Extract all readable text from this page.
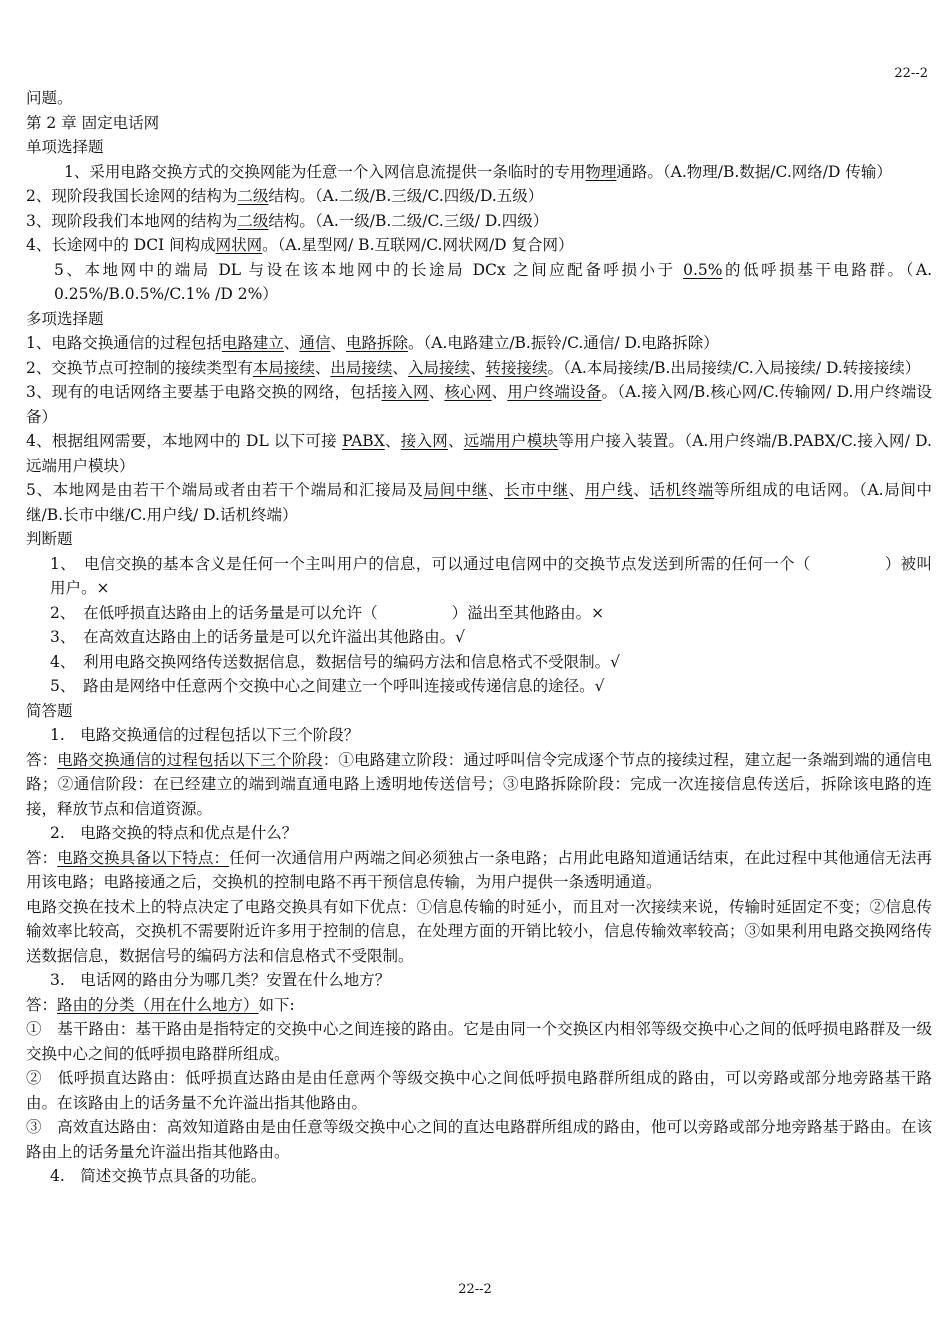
22--2
问题。
第 2 章 固定电话网
单项选择题
1、采用电路交换方式的交换网能为任意一个入网信息流提供一条临时的专用物理通路。（A.物理/B.数据/C.网络/D 传输）
2、现阶段我国长途网的结构为二级结构。（A.二级/B.三级/C.四级/D.五级）
3、现阶段我们本地网的结构为二级结构。（A.一级/B.二级/C.三级/ D.四级）
4、长途网中的 DCI 间构成网状网。（A.星型网/ B.互联网/C.网状网/D 复合网）
5、本地网中的端局 DL 与设在该本地网中的长途局 DCx 之间应配备呼损小于 0.5%的低呼损基干电路群。（A. 0.25%/B.0.5%/C.1% /D 2%）
多项选择题
1、电路交换通信的过程包括电路建立、通信、电路拆除。（A.电路建立/B.振铃/C.通信/ D.电路拆除）
2、交换节点可控制的接续类型有本局接续、出局接续、入局接续、转接接续。（A.本局接续/B.出局接续/C.入局接续/ D.转接接续）
3、现有的电话网络主要基于电路交换的网络，包括接入网、核心网、用户终端设备。（A.接入网/B.核心网/C.传输网/ D.用户终端设备）
4、根据组网需要，本地网中的 DL 以下可接 PABX、接入网、远端用户模块等用户接入装置。（A.用户终端/B.PABX/C.接入网/ D.远端用户模块）
5、本地网是由若干个端局或者由若干个端局和汇接局及局间中继、长市中继、用户线、话机终端等所组成的电话网。（A.局间中继/B.长市中继/C.用户线/ D.话机终端）
判断题
1、　电信交换的基本含义是任何一个主叫用户的信息，可以通过电信网中的交换节点发送到所需的任何一个（	）被叫用户。×
2、　在低呼损直达路由上的话务量是可以允许（	）溢出至其他路由。×
3、　在高效直达路由上的话务量是可以允许溢出其他路由。√
4、　利用电路交换网络传送数据信息，数据信号的编码方法和信息格式不受限制。√
5、　路由是网络中任意两个交换中心之间建立一个呼叫连接或传递信息的途径。√
简答题
1.　电路交换通信的过程包括以下三个阶段？
答：电路交换通信的过程包括以下三个阶段：①电路建立阶段：通过呼叫信令完成逐个节点的接续过程，建立起一条端到端的通信电路；②通信阶段：在已经建立的端到端直通电路上透明地传送信号；③电路拆除阶段：完成一次连接信息传送后，拆除该电路的连接，释放节点和信道资源。
2.　电路交换的特点和优点是什么？
答：电路交换具备以下特点：任何一次通信用户两端之间必须独占一条电路；占用此电路知道通话结束，在此过程中其他通信无法再用该电路；电路接通之后，交换机的控制电路不再干预信息传输，为用户提供一条透明通道。
电路交换在技术上的特点决定了电路交换具有如下优点：①信息传输的时延小，而且对一次接续来说，传输时延固定不变；②信息传输效率比较高，交换机不需要附近许多用于控制的信息，在处理方面的开销比较小，信息传输效率较高；③如果利用电路交换网络传送数据信息，数据信号的编码方法和信息格式不受限制。
3.　电话网的路由分为哪几类？安置在什么地方？
答：路由的分类（用在什么地方）如下:
①　基干路由：基干路由是指特定的交换中心之间连接的路由。它是由同一个交换区内相邻等级交换中心之间的低呼损电路群及一级交换中心之间的低呼损电路群所组成。
②　低呼损直达路由：低呼损直达路由是由任意两个等级交换中心之间低呼损电路群所组成的路由，可以旁路或部分地旁路基干路由。在该路由上的话务量不允许溢出指其他路由。
③　高效直达路由：高效知道路由是由任意等级交换中心之间的直达电路群所组成的路由，他可以旁路或部分地旁路基于路由。在该路由上的话务量允许溢出指其他路由。
4.　简述交换节点具备的功能。
22--2
